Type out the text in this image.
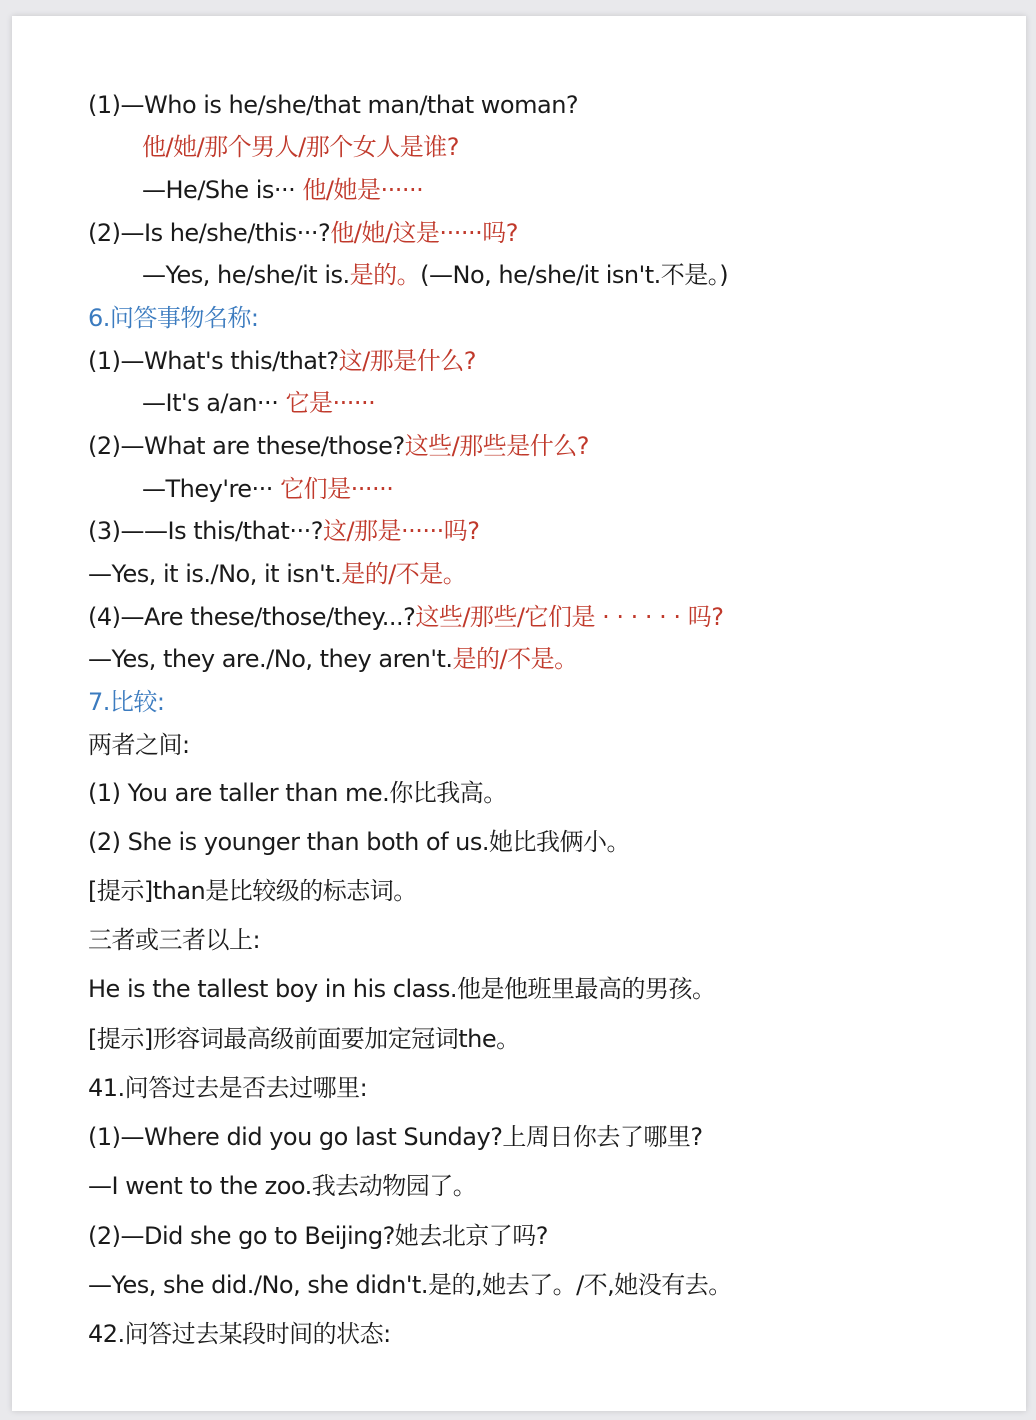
(1)—Who is he/she/that man/that woman?
他/她/那个男人/那个女人是谁?
—He/She is··· 他/她是······
(2)—Is he/she/this···?他/她/这是······吗?
—Yes, he/she/it is.是的。(—No, he/she/it isn't.不是。)
6.问答事物名称:
(1)—What's this/that?这/那是什么?
—It's a/an··· 它是······
(2)—What are these/those?这些/那些是什么?
—They're··· 它们是······
(3)——Is this/that···?这/那是······吗?
—Yes, it is./No, it isn't.是的/不是。
(4)—Are these/those/they...?这些/那些/它们是 · · · · · · 吗?
—Yes, they are./No, they aren't.是的/不是。
7.比较:
两者之间:
(1) You are taller than me.你比我高。
(2) She is younger than both of us.她比我俩小。
[提示]than是比较级的标志词。
三者或三者以上:
He is the tallest boy in his class.他是他班里最高的男孩。
[提示]形容词最高级前面要加定冠词the。
41.问答过去是否去过哪里:
(1)—Where did you go last Sunday?上周日你去了哪里?
—I went to the zoo.我去动物园了。
(2)—Did she go to Beijing?她去北京了吗?
—Yes, she did./No, she didn't.是的,她去了。/不,她没有去。
42.问答过去某段时间的状态:
